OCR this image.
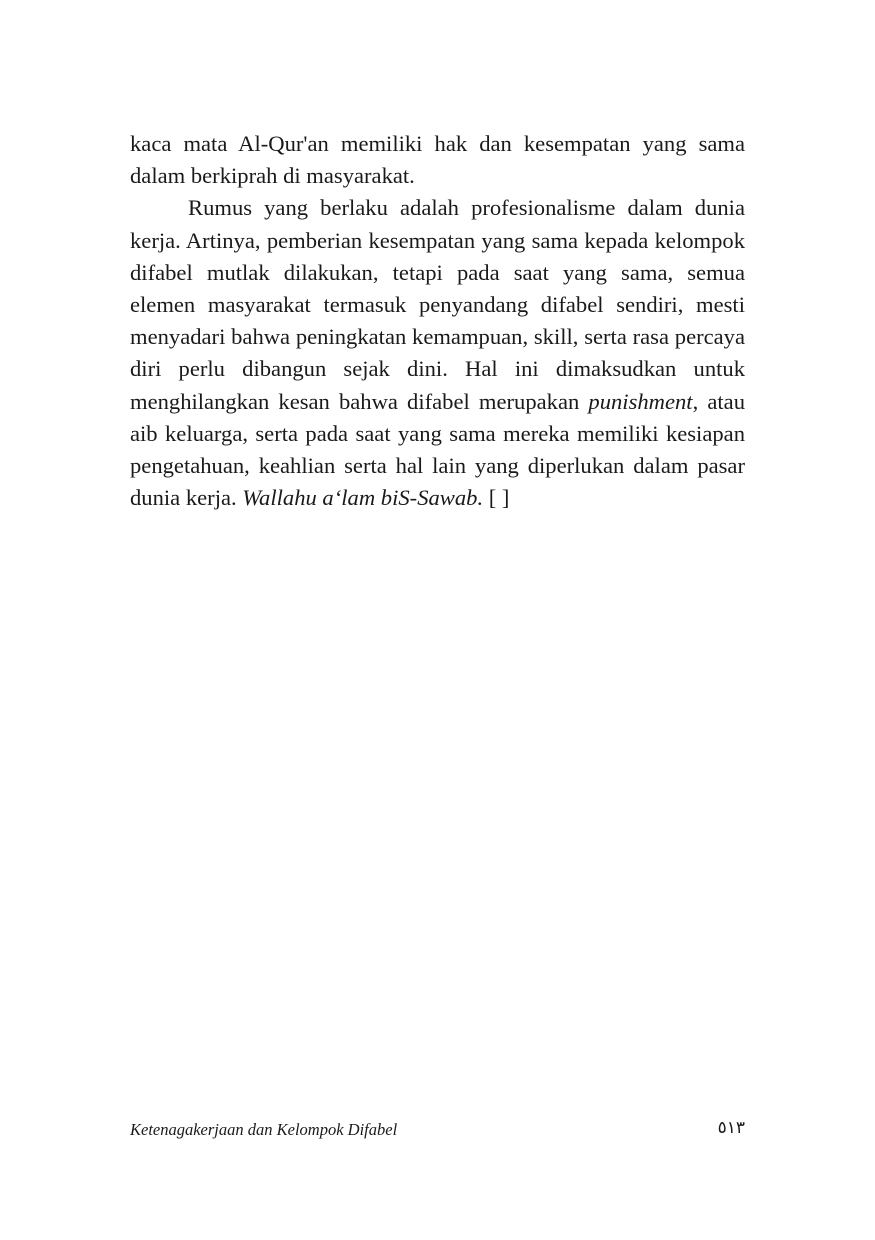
kaca mata Al-Qur'an memiliki hak dan kesempatan yang sama dalam berkiprah di masyarakat.

Rumus yang berlaku adalah profesionalisme dalam dunia kerja. Artinya, pemberian kesempatan yang sama kepada kelompok difabel mutlak dilakukan, tetapi pada saat yang sama, semua elemen masyarakat termasuk penyandang difabel sendiri, mesti menyadari bahwa peningkatan kemampuan, skill, serta rasa percaya diri perlu dibangun sejak dini. Hal ini dimaksudkan untuk menghilangkan kesan bahwa difabel merupakan punishment, atau aib keluarga, serta pada saat yang sama mereka memiliki kesiapan pengetahuan, keahlian serta hal lain yang diperlukan dalam pasar dunia kerja. Wallahu a‘lam biS-Sawab. [ ]

Ketenagakerjaan dan Kelompok Difabel	٥١٣
